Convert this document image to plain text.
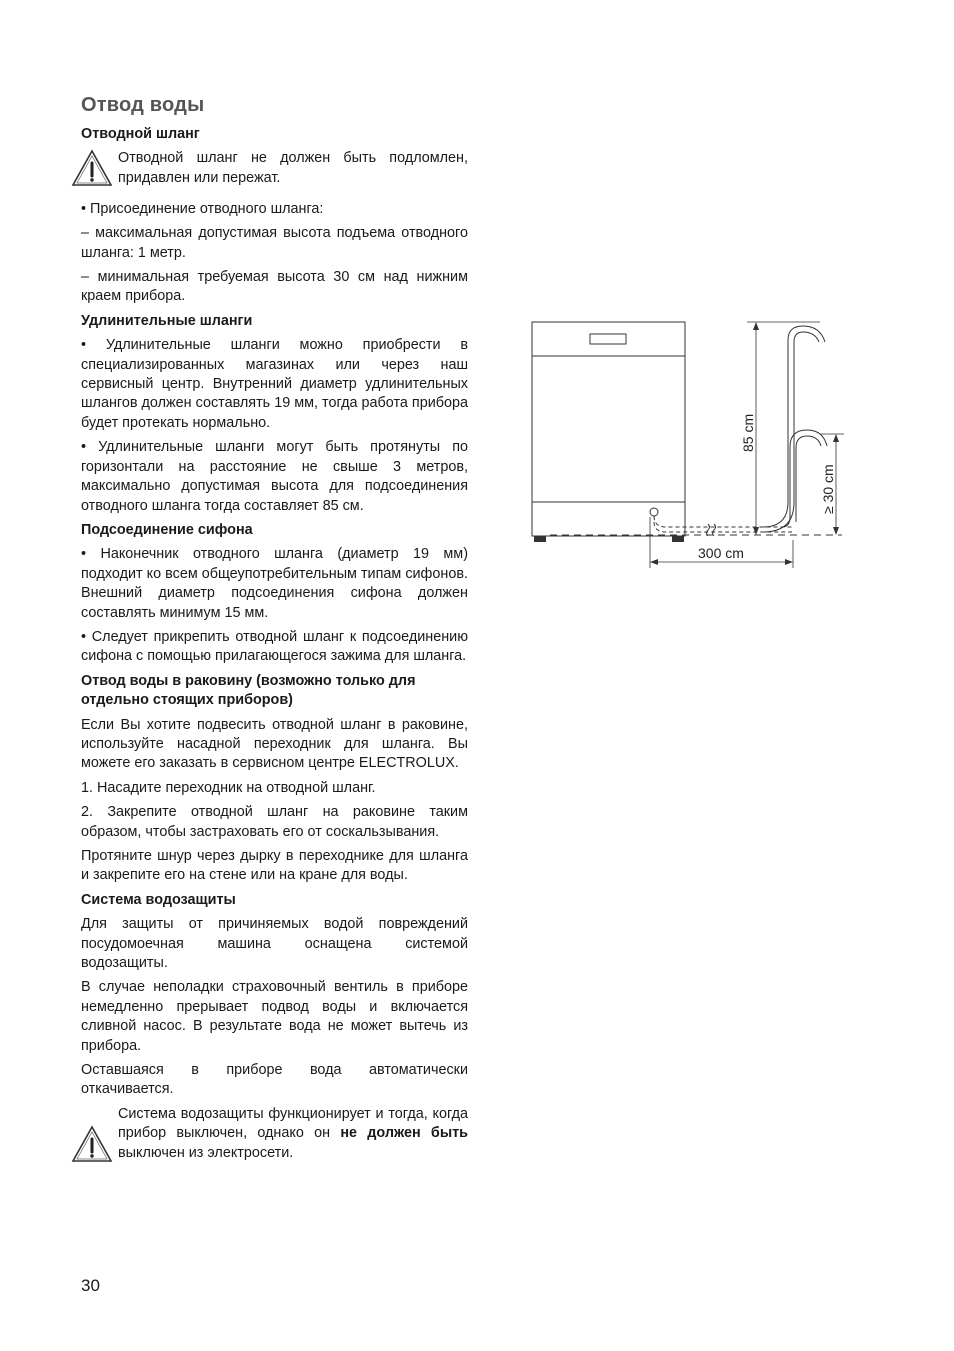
Отвод воды
Отводной шланг
Отводной шланг не должен быть подломлен, придавлен или пережат.

• Присоединение отводного шланга:

– максимальная допустимая высота подъема отводного шланга: 1 метр.

– минимальная требуемая высота 30 см над нижним краем прибора.

Удлинительные шланги

• Удлинительные шланги можно приобрести в специализированных магазинах или через наш сервисный центр. Внутренний диаметр удлинительных шлангов должен составлять 19 мм, тогда работа прибора будет протекать нормально.

• Удлинительные шланги могут быть протянуты по горизонтали на расстояние не свыше 3 метров, максимально допустимая высота для подсоединения отводного шланга тогда составляет 85 см.

Подсоединение сифона

• Наконечник отводного шланга (диаметр 19 мм) подходит ко всем общеупотребительным типам сифонов. Внешний диаметр подсоединения сифона должен составлять минимум 15 мм.

• Следует прикрепить отводной шланг к подсоединению сифона с помощью прилагающегося зажима для шланга.

Отвод воды в раковину (возможно только для отдельно стоящих приборов)

Если Вы хотите подвесить отводной шланг в раковине, используйте насадной переходник для шланга. Вы можете его заказать в сервисном центре ELECTROLUX.

1. Насадите переходник на отводной шланг.

2. Закрепите отводной шланг на раковине таким образом, чтобы застраховать его от соскальзывания.

Протяните шнур через дырку в переходнике для шланга и закрепите его на стене или на кране для воды.

Система водозащиты

Для защиты от причиняемых водой повреждений посудомоечная машина оснащена системой водозащиты.

В случае неполадки страховочный вентиль в приборе немедленно прерывает подвод воды и включается сливной насос. В результате вода не может вытечь из прибора.

Оставшаяся в приборе вода автоматически откачивается.

Система водозащиты функционирует и тогда, когда прибор выключен, однако он не должен быть выключен из электросети.
85 cm
≥ 30 cm
300 cm
30
